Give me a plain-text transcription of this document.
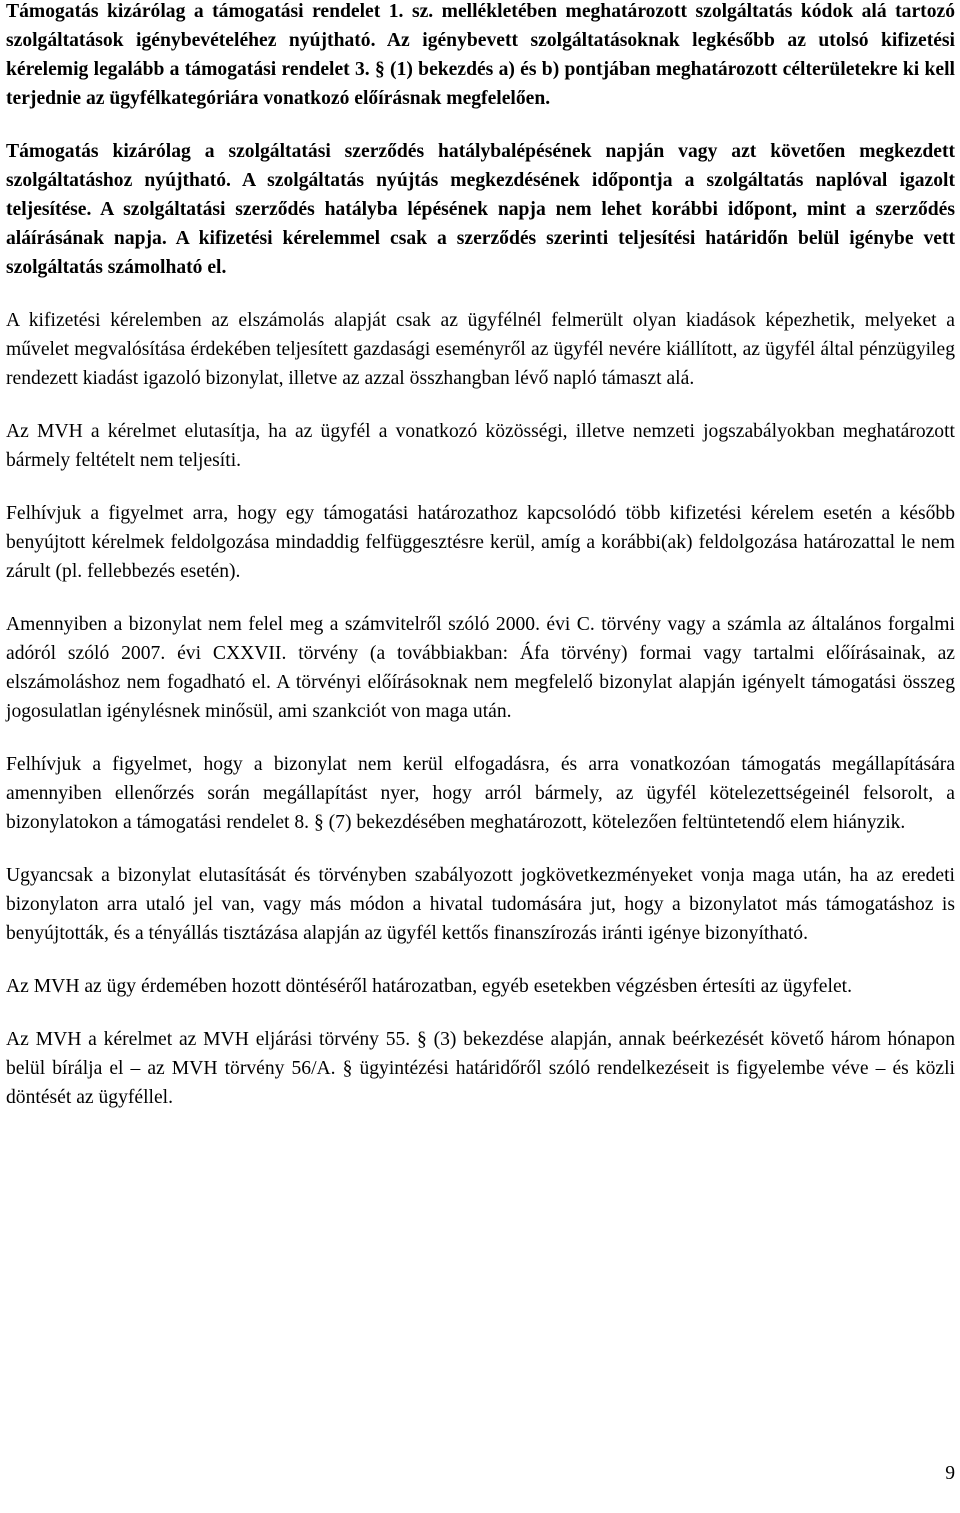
Támogatás kizárólag a támogatási rendelet 1. sz. mellékletében meghatározott szolgáltatás kódok alá tartozó szolgáltatások igénybevételéhez nyújtható. Az igénybevett szolgáltatásoknak legkésőbb az utolsó kifizetési kérelemig legalább a támogatási rendelet 3. § (1) bekezdés a) és b) pontjában meghatározott célterületekre ki kell terjednie az ügyfélkategóriára vonatkozó előírásnak megfelelően.

Támogatás kizárólag a szolgáltatási szerződés hatálybalépésének napján vagy azt követően megkezdett szolgáltatáshoz nyújtható. A szolgáltatás nyújtás megkezdésének időpontja a szolgáltatás naplóval igazolt teljesítése. A szolgáltatási szerződés hatályba lépésének napja nem lehet korábbi időpont, mint a szerződés aláírásának napja. A kifizetési kérelemmel csak a szerződés szerinti teljesítési határidőn belül igénybe vett szolgáltatás számolható el.

A kifizetési kérelemben az elszámolás alapját csak az ügyfélnél felmerült olyan kiadások képezhetik, melyeket a művelet megvalósítása érdekében teljesített gazdasági eseményről az ügyfél nevére kiállított, az ügyfél által pénzügyileg rendezett kiadást igazoló bizonylat, illetve az azzal összhangban lévő napló támaszt alá.

Az MVH a kérelmet elutasítja, ha az ügyfél a vonatkozó közösségi, illetve nemzeti jogszabályokban meghatározott bármely feltételt nem teljesíti.

Felhívjuk a figyelmet arra, hogy egy támogatási határozathoz kapcsolódó több kifizetési kérelem esetén a később benyújtott kérelmek feldolgozása mindaddig felfüggesztésre kerül, amíg a korábbi(ak) feldolgozása határozattal le nem zárult (pl. fellebbezés esetén).

Amennyiben a bizonylat nem felel meg a számvitelről szóló 2000. évi C. törvény vagy a számla az általános forgalmi adóról szóló 2007. évi CXXVII. törvény (a továbbiakban: Áfa törvény) formai vagy tartalmi előírásainak, az elszámoláshoz nem fogadható el. A törvényi előírásoknak nem megfelelő bizonylat alapján igényelt támogatási összeg jogosulatlan igénylésnek minősül, ami szankciót von maga után.

Felhívjuk a figyelmet, hogy a bizonylat nem kerül elfogadásra, és arra vonatkozóan támogatás megállapítására amennyiben ellenőrzés során megállapítást nyer, hogy arról bármely, az ügyfél kötelezettségeinél felsorolt, a bizonylatokon a támogatási rendelet 8. § (7) bekezdésében meghatározott, kötelezően feltüntetendő elem hiányzik.

Ugyancsak a bizonylat elutasítását és törvényben szabályozott jogkövetkezményeket vonja maga után, ha az eredeti bizonylaton arra utaló jel van, vagy más módon a hivatal tudomására jut, hogy a bizonylatot más támogatáshoz is benyújtották, és a tényállás tisztázása alapján az ügyfél kettős finanszírozás iránti igénye bizonyítható.

Az MVH az ügy érdemében hozott döntéséről határozatban, egyéb esetekben végzésben értesíti az ügyfelet.

Az MVH a kérelmet az MVH eljárási törvény 55. § (3) bekezdése alapján, annak beérkezését követő három hónapon belül bírálja el – az MVH törvény 56/A. § ügyintézési határidőről szóló rendelkezéseit is figyelembe véve – és közli döntését az ügyféllel.

9
